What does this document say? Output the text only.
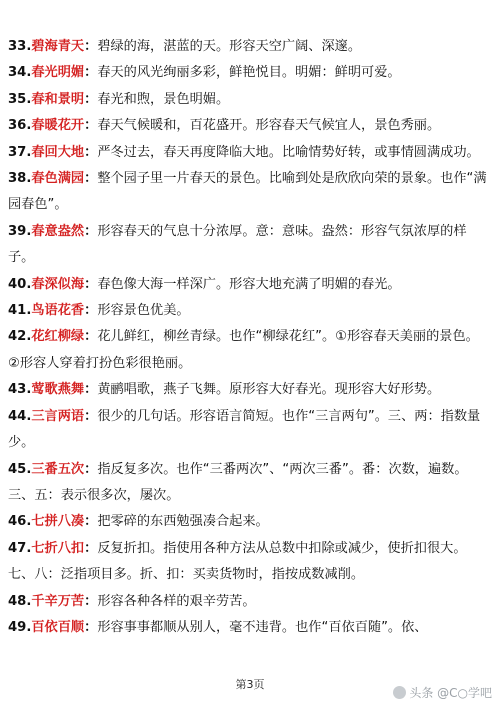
33.碧海青天：碧绿的海，湛蓝的天。形容天空广阔、深邃。

34.春光明媚：春天的风光绚丽多彩，鲜艳悦目。明媚：鲜明可爱。

35.春和景明：春光和煦，景色明媚。

36.春暖花开：春天气候暖和，百花盛开。形容春天气候宜人，景色秀丽。

37.春回大地：严冬过去，春天再度降临大地。比喻情势好转，或事情圆满成功。

38.春色满园：整个园子里一片春天的景色。比喻到处是欣欣向荣的景象。也作“满园春色”。

39.春意盎然：形容春天的气息十分浓厚。意：意味。盎然：形容气氛浓厚的样子。

40.春深似海：春色像大海一样深广。形容大地充满了明媚的春光。

41.鸟语花香：形容景色优美。

42.花红柳绿：花儿鲜红，柳丝青绿。也作“柳绿花红”。①形容春天美丽的景色。②形容人穿着打扮色彩很艳丽。

43.莺歌燕舞：黄鹂唱歌，燕子飞舞。原形容大好春光。现形容大好形势。

44.三言两语：很少的几句话。形容语言简短。也作“三言两句”。三、两：指数量少。

45.三番五次：指反复多次。也作“三番两次”、“两次三番”。番：次数，遍数。三、五：表示很多次，屡次。

46.七拼八凑：把零碎的东西勉强凑合起来。

47.七折八扣：反复折扣。指使用各种方法从总数中扣除或减少，使折扣很大。七、八：泛指项目多。折、扣：买卖货物时，指按成数减削。

48.千辛万苦：形容各种各样的艰辛劳苦。

49.百依百顺：形容事事都顺从别人，毫不违背。也作“百依百随”。依、

第3页
头条 @C○学吧
